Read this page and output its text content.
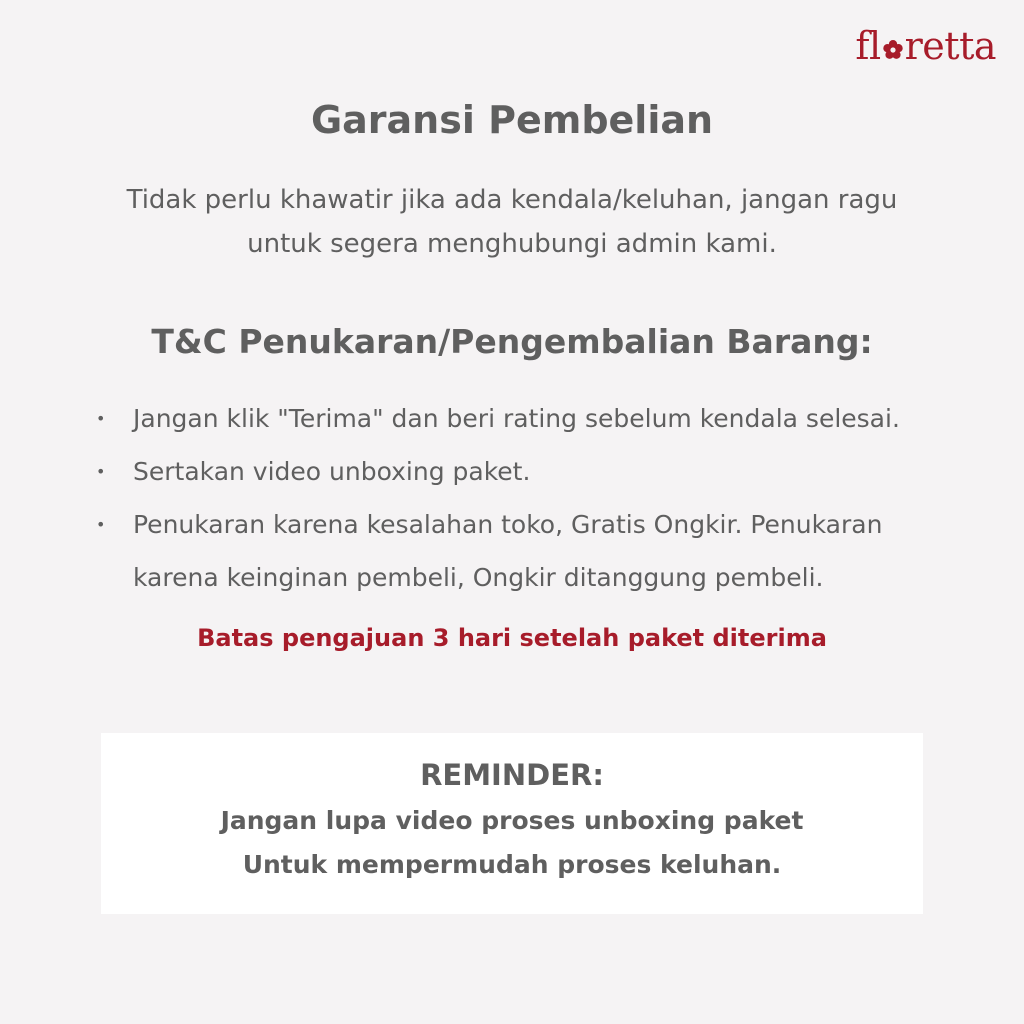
fl retta
Garansi Pembelian

Tidak perlu khawatir jika ada kendala/keluhan, jangan ragu untuk segera menghubungi admin kami.

T&C Penukaran/Pengembalian Barang:
• Jangan klik "Terima" dan beri rating sebelum kendala selesai.
• Sertakan video unboxing paket.
• Penukaran karena kesalahan toko, Gratis Ongkir. Penukaran karena keinginan pembeli, Ongkir ditanggung pembeli.

Batas pengajuan 3 hari setelah paket diterima

REMINDER:

Jangan lupa video proses unboxing paket

Untuk mempermudah proses keluhan.
